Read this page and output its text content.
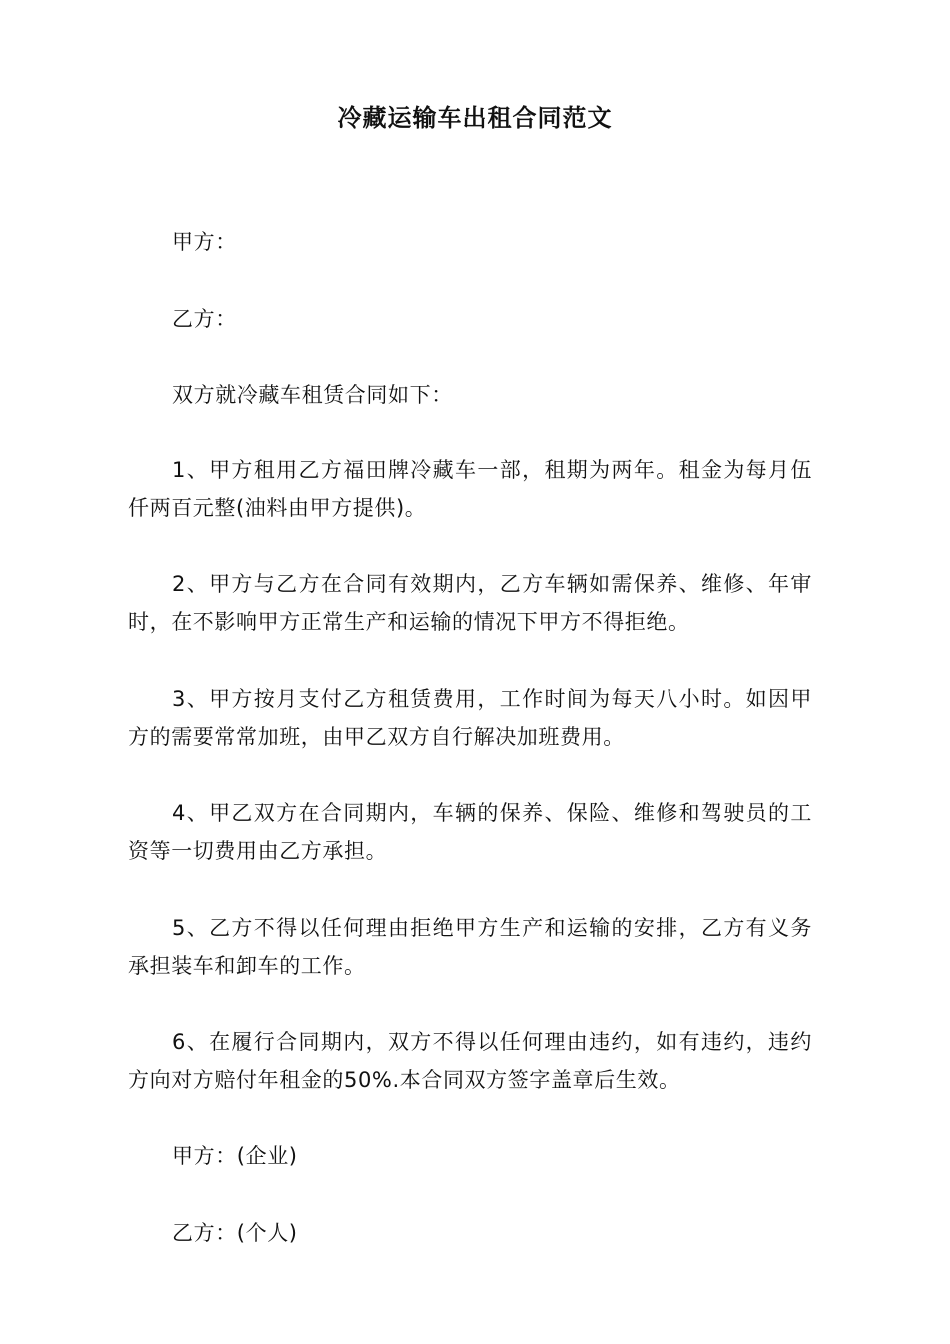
冷藏运输车出租合同范文
甲方：
乙方：
双方就冷藏车租赁合同如下：
1、甲方租用乙方福田牌冷藏车一部，租期为两年。租金为每月伍仟两百元整(油料由甲方提供)。
2、甲方与乙方在合同有效期内，乙方车辆如需保养、维修、年审时，在不影响甲方正常生产和运输的情况下甲方不得拒绝。
3、甲方按月支付乙方租赁费用，工作时间为每天八小时。如因甲方的需要常常加班，由甲乙双方自行解决加班费用。
4、甲乙双方在合同期内，车辆的保养、保险、维修和驾驶员的工资等一切费用由乙方承担。
5、乙方不得以任何理由拒绝甲方生产和运输的安排，乙方有义务承担装车和卸车的工作。
6、在履行合同期内，双方不得以任何理由违约，如有违约，违约方向对方赔付年租金的50%.本合同双方签字盖章后生效。
甲方：(企业)
乙方：(个人)
